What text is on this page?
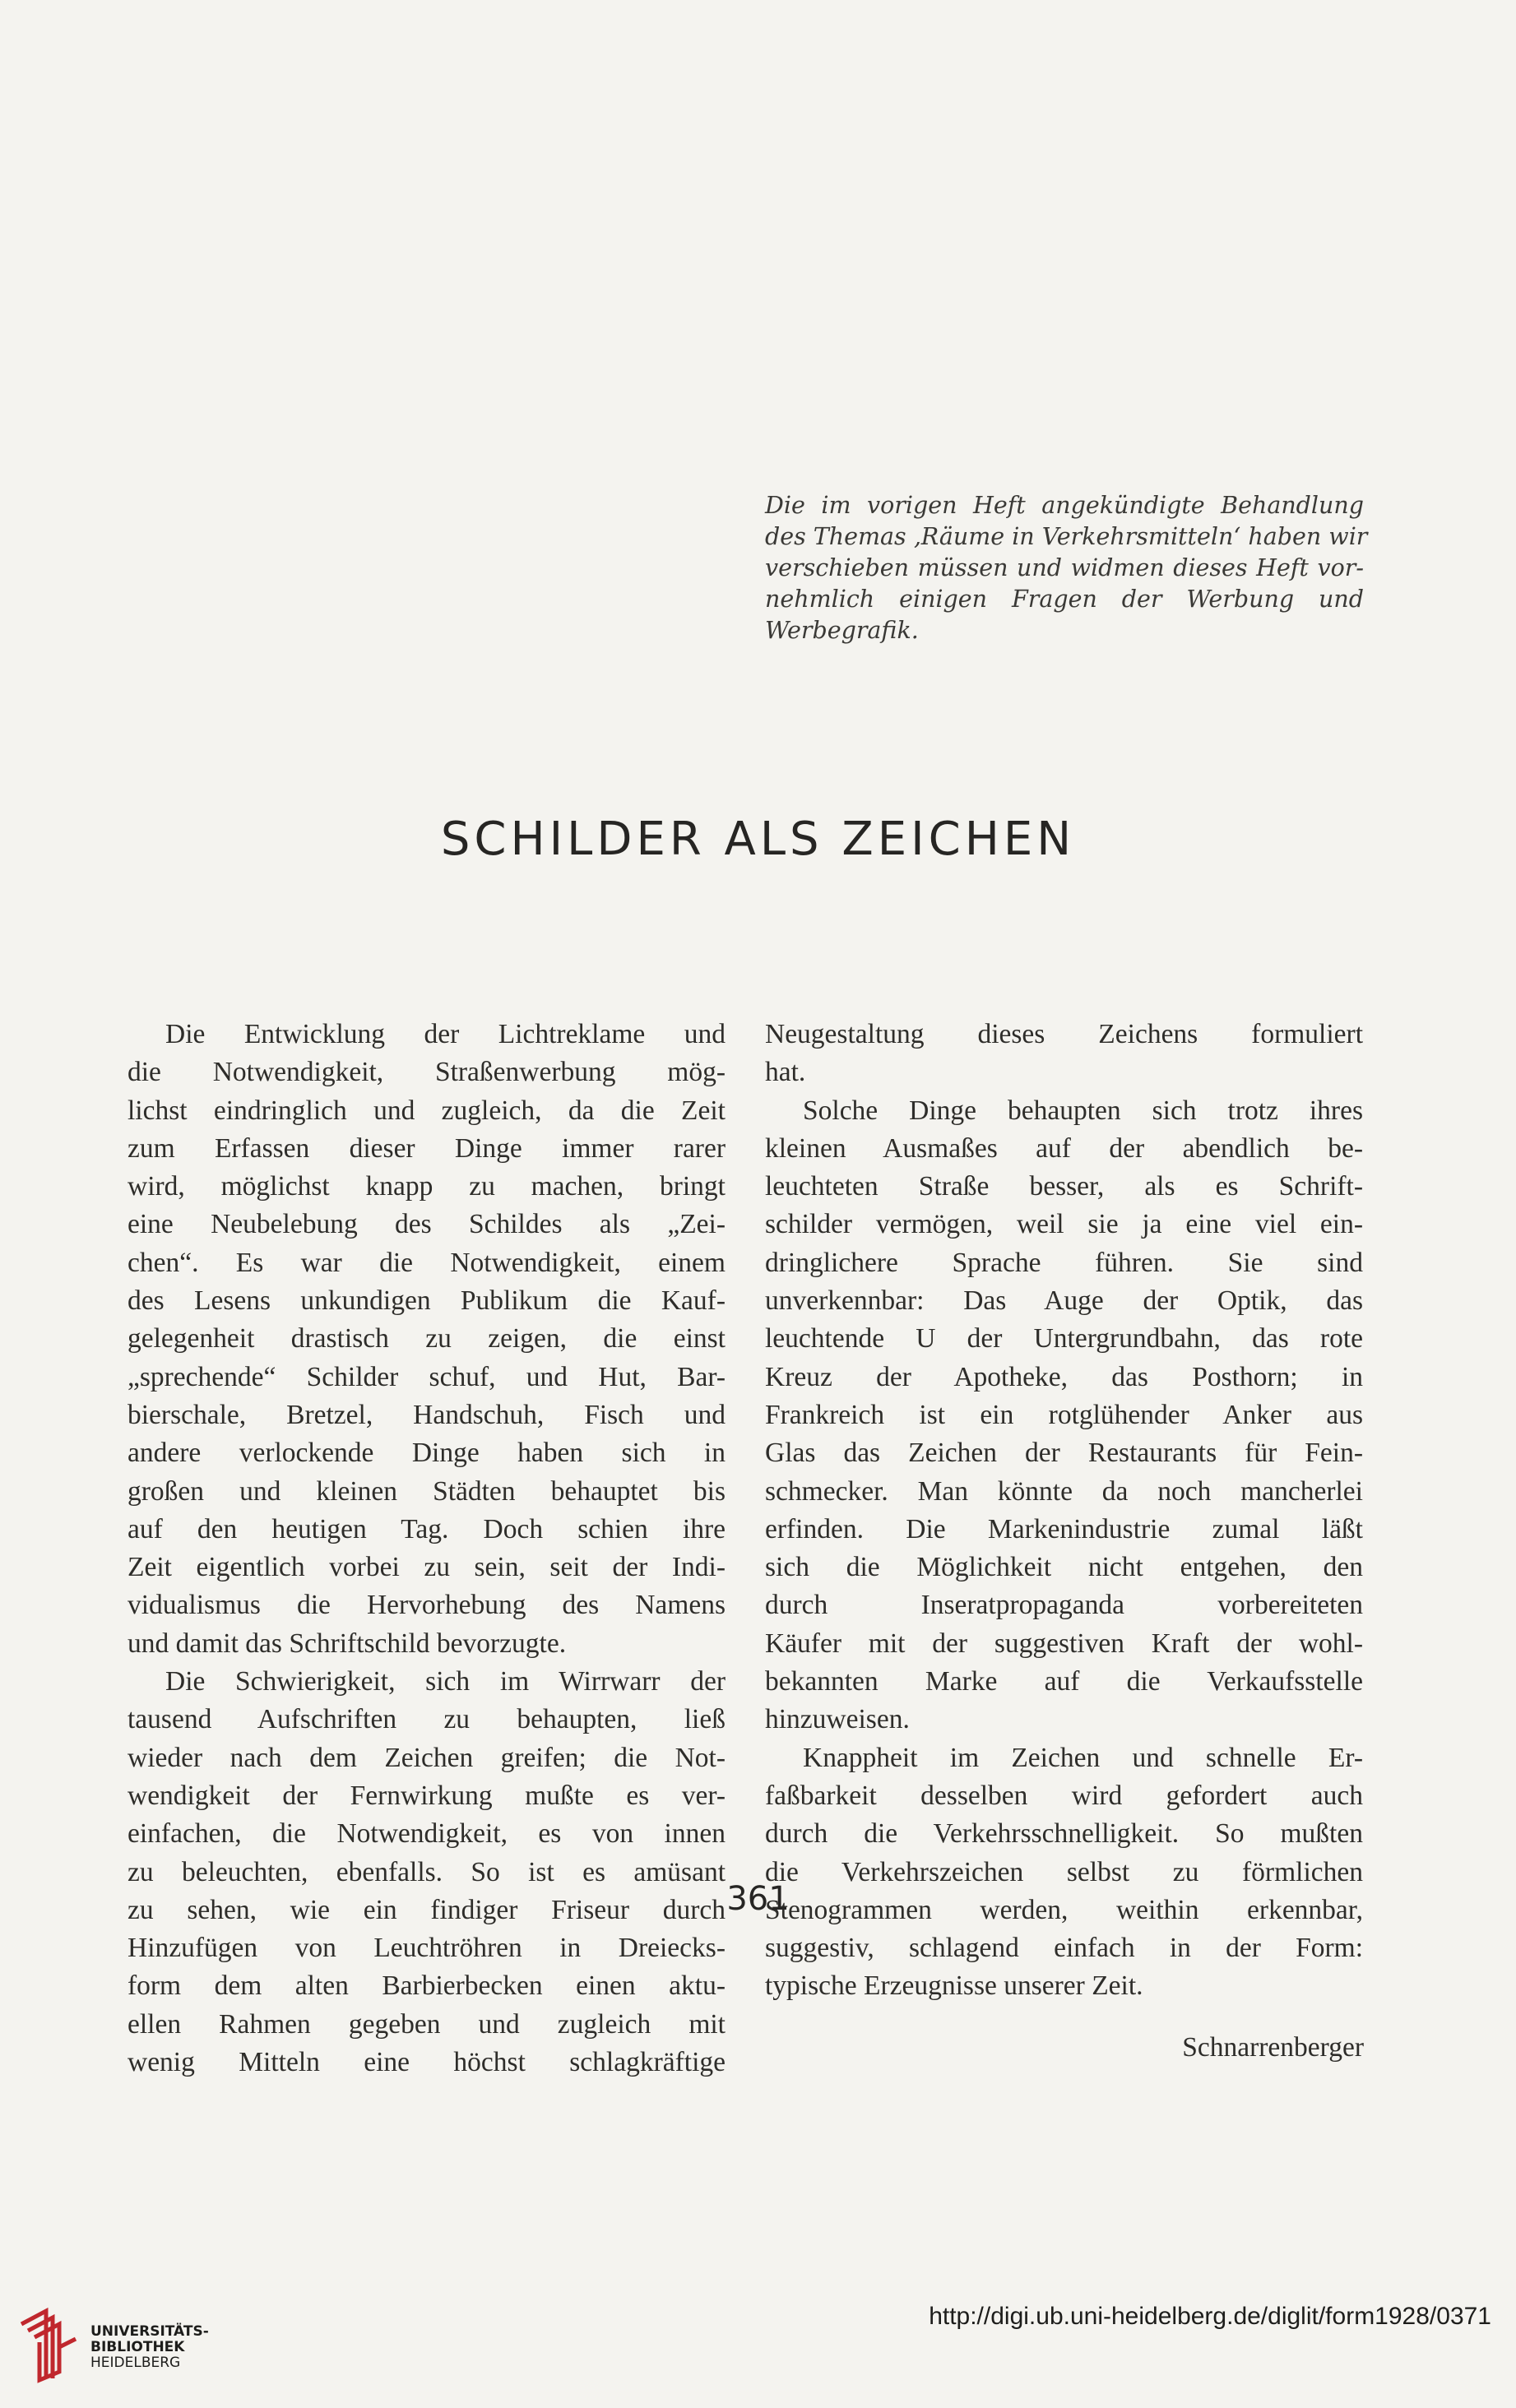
Die im vorigen Heft angekündigte Behandlung
des Themas ‚Räume in Verkehrsmitteln‘ haben wir
verschieben müssen und widmen dieses Heft vor-
nehmlich einigen Fragen der Werbung und
Werbegrafik.

SCHILDER ALS ZEICHEN
Die Entwicklung der Lichtreklame und
die Notwendigkeit, Straßenwerbung mög-
lichst eindringlich und zugleich, da die Zeit
zum Erfassen dieser Dinge immer rarer
wird, möglichst knapp zu machen, bringt
eine Neubelebung des Schildes als „Zei-
chen“. Es war die Notwendigkeit, einem
des Lesens unkundigen Publikum die Kauf-
gelegenheit drastisch zu zeigen, die einst
„sprechende“ Schilder schuf, und Hut, Bar-
bierschale, Bretzel, Handschuh, Fisch und
andere verlockende Dinge haben sich in
großen und kleinen Städten behauptet bis
auf den heutigen Tag. Doch schien ihre
Zeit eigentlich vorbei zu sein, seit der Indi-
vidualismus die Hervorhebung des Namens
und damit das Schriftschild bevorzugte.
Die Schwierigkeit, sich im Wirrwarr der
tausend Aufschriften zu behaupten, ließ
wieder nach dem Zeichen greifen; die Not-
wendigkeit der Fernwirkung mußte es ver-
einfachen, die Notwendigkeit, es von innen
zu beleuchten, ebenfalls. So ist es amüsant
zu sehen, wie ein findiger Friseur durch
Hinzufügen von Leuchtröhren in Dreiecks-
form dem alten Barbierbecken einen aktu-
ellen Rahmen gegeben und zugleich mit
wenig Mitteln eine höchst schlagkräftige
Neugestaltung dieses Zeichens formuliert
hat.
Solche Dinge behaupten sich trotz ihres
kleinen Ausmaßes auf der abendlich be-
leuchteten Straße besser, als es Schrift-
schilder vermögen, weil sie ja eine viel ein-
dringlichere Sprache führen. Sie sind
unverkennbar: Das Auge der Optik, das
leuchtende U der Untergrundbahn, das rote
Kreuz der Apotheke, das Posthorn; in
Frankreich ist ein rotglühender Anker aus
Glas das Zeichen der Restaurants für Fein-
schmecker. Man könnte da noch mancherlei
erfinden. Die Markenindustrie zumal läßt
sich die Möglichkeit nicht entgehen, den
durch Inseratpropaganda vorbereiteten
Käufer mit der suggestiven Kraft der wohl-
bekannten Marke auf die Verkaufsstelle
hinzuweisen.
Knappheit im Zeichen und schnelle Er-
faßbarkeit desselben wird gefordert auch
durch die Verkehrsschnelligkeit. So mußten
die Verkehrszeichen selbst zu förmlichen
Stenogrammen werden, weithin erkennbar,
suggestiv, schlagend einfach in der Form:
typische Erzeugnisse unserer Zeit.

Schnarrenberger

361

UNIVERSITÄTS-
BIBLIOTHEK
HEIDELBERG
http://digi.ub.uni-heidelberg.de/diglit/form1928/0371
